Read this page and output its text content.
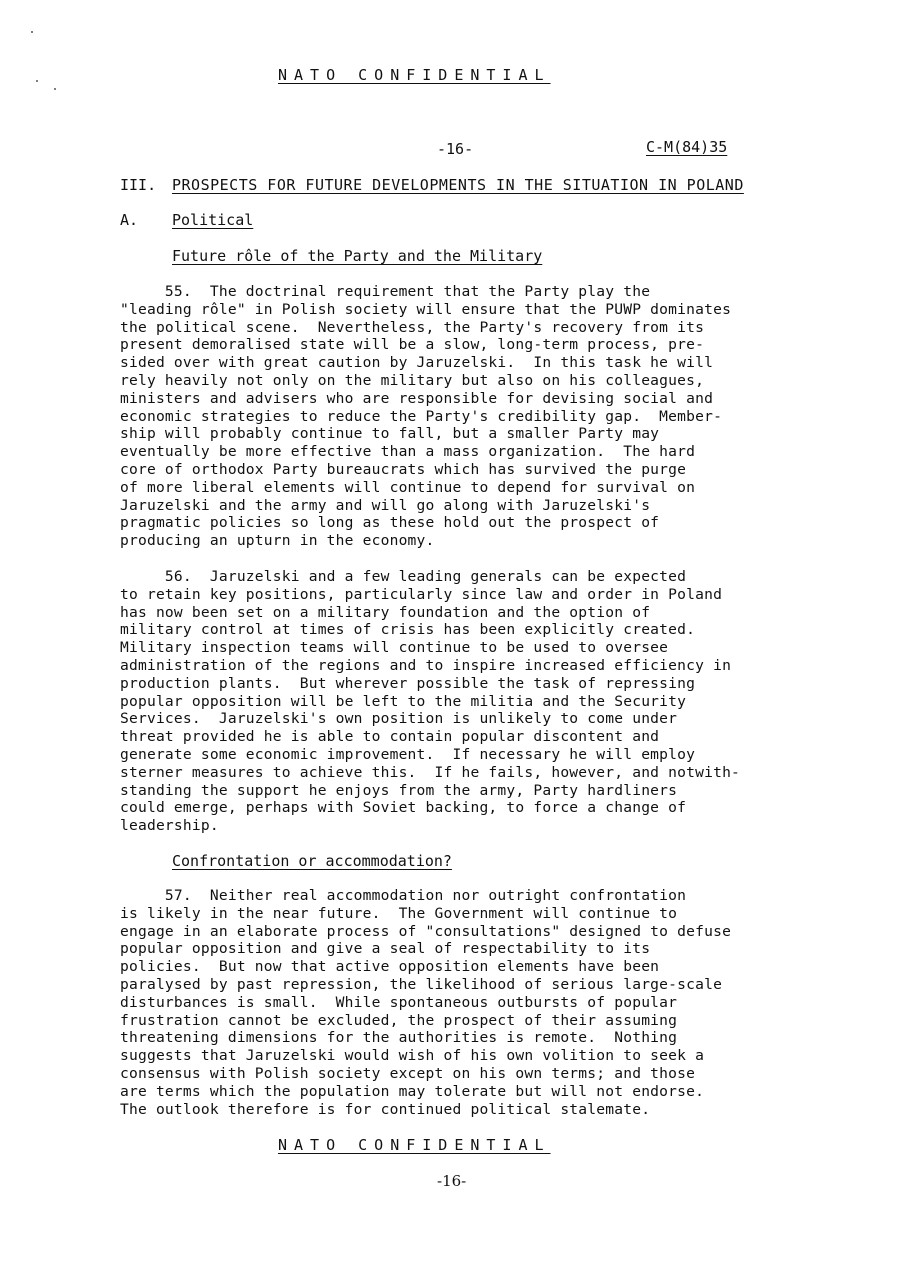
NATO CONFIDENTIAL
-16-	C-M(84)35
III. PROSPECTS FOR FUTURE DEVELOPMENTS IN THE SITUATION IN POLAND
A. Political
Future rôle of the Party and the Military
55.  The doctrinal requirement that the Party play the
"leading rôle" in Polish society will ensure that the PUWP dominates
the political scene.  Nevertheless, the Party's recovery from its
present demoralised state will be a slow, long-term process, pre-
sided over with great caution by Jaruzelski.  In this task he will
rely heavily not only on the military but also on his colleagues,
ministers and advisers who are responsible for devising social and
economic strategies to reduce the Party's credibility gap.  Member-
ship will probably continue to fall, but a smaller Party may
eventually be more effective than a mass organization.  The hard
core of orthodox Party bureaucrats which has survived the purge
of more liberal elements will continue to depend for survival on
Jaruzelski and the army and will go along with Jaruzelski's
pragmatic policies so long as these hold out the prospect of
producing an upturn in the economy.
56.  Jaruzelski and a few leading generals can be expected
to retain key positions, particularly since law and order in Poland
has now been set on a military foundation and the option of
military control at times of crisis has been explicitly created.
Military inspection teams will continue to be used to oversee
administration of the regions and to inspire increased efficiency in
production plants.  But wherever possible the task of repressing
popular opposition will be left to the militia and the Security
Services.  Jaruzelski's own position is unlikely to come under
threat provided he is able to contain popular discontent and
generate some economic improvement.  If necessary he will employ
sterner measures to achieve this.  If he fails, however, and notwith-
standing the support he enjoys from the army, Party hardliners
could emerge, perhaps with Soviet backing, to force a change of
leadership.
Confrontation or accommodation?
57.  Neither real accommodation nor outright confrontation
is likely in the near future.  The Government will continue to
engage in an elaborate process of "consultations" designed to defuse
popular opposition and give a seal of respectability to its
policies.  But now that active opposition elements have been
paralysed by past repression, the likelihood of serious large-scale
disturbances is small.  While spontaneous outbursts of popular
frustration cannot be excluded, the prospect of their assuming
threatening dimensions for the authorities is remote.  Nothing
suggests that Jaruzelski would wish of his own volition to seek a
consensus with Polish society except on his own terms; and those
are terms which the population may tolerate but will not endorse.
The outlook therefore is for continued political stalemate.
NATO CONFIDENTIAL
-16-
